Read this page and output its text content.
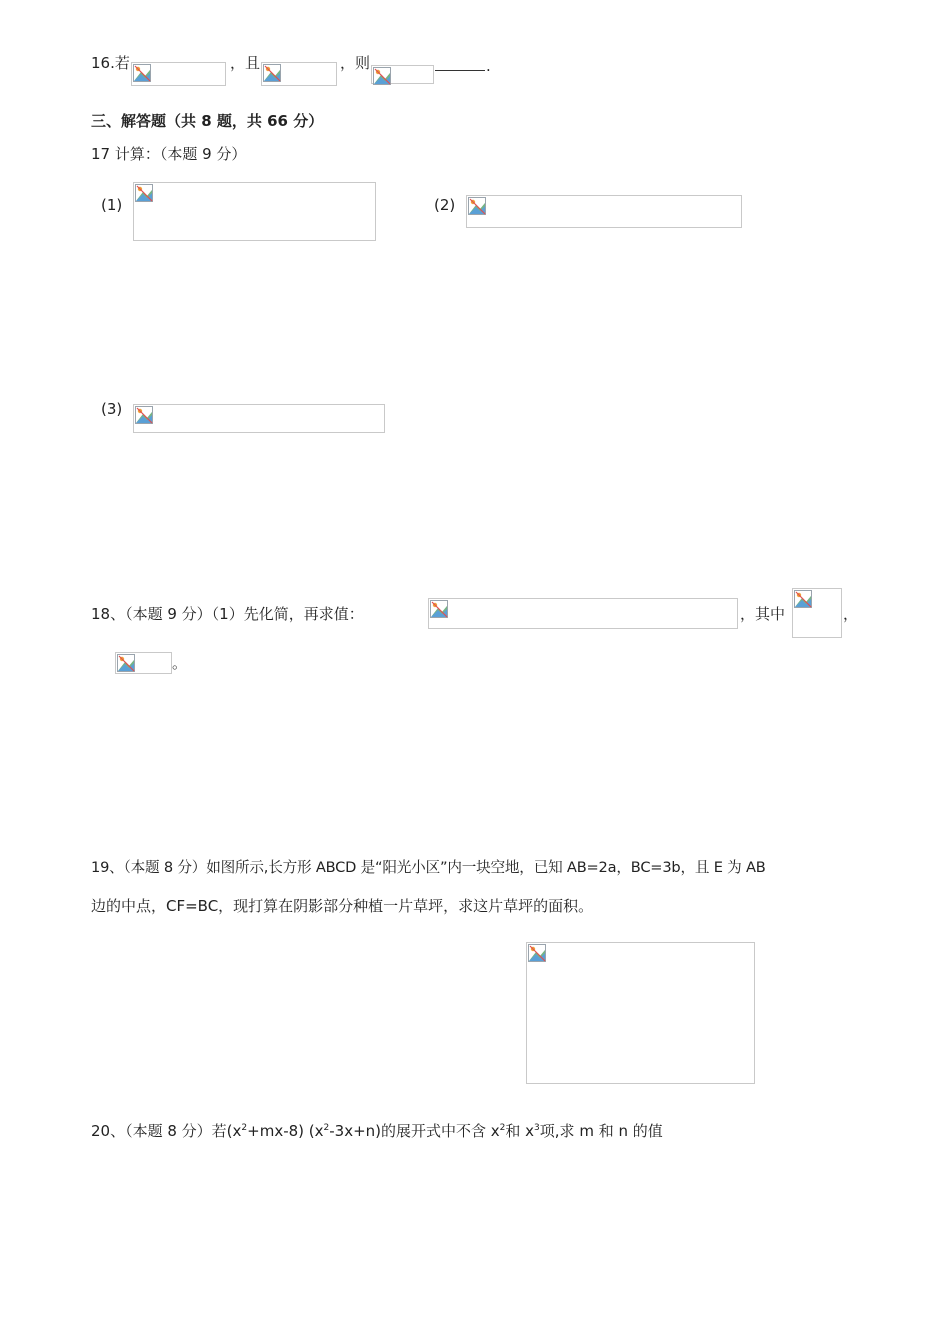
16.若	，且	，则	.
三、解答题（共 8 题，共 66 分）
17 计算：（本题 9 分）
(1)	(2)
(3)
18、（本题 9 分）（1）先化简，再求值：	，其中	，
。
19、（本题 8 分）如图所示,长方形 ABCD 是“阳光小区”内一块空地，已知 AB=2a，BC=3b，且 E 为 AB
边的中点，CF=BC，现打算在阴影部分种植一片草坪，求这片草坪的面积。
20、（本题 8 分）若$(x^2+mx-8)$ $(x^2-3x+n)$的展开式中不含 $x^2$和 $x^3$项,求 m 和 n 的值
